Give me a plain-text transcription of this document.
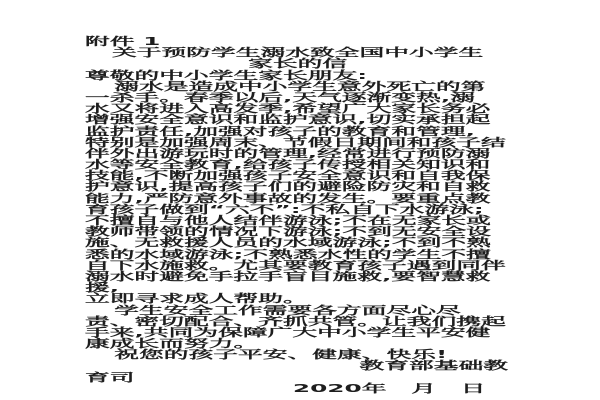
附件 1
关于预防学生溺水致全国中小学生
家长的信
尊敬的中小学生家长朋友:
溺水是造成中小学生意外死亡的第
一杀手。春季以后,天气逐渐变热,溺
水又将进入高发季,希望广大家长务必
增强安全意识和监护意识,切实承担起
监护责任,加强对孩子的教育和管理,
特别是加强周末、节假日期间和孩子结
伴外出游玩时的管理,经常进行预防溺
水等安全教育,给孩子传授相关知识和
技能,不断加强孩子安全意识和自我保
护意识,提高孩子们的避险防灾和自救
能力,严防意外事故的发生。要重点教
育孩子做到“六不”:不私自下水游泳;
不擅自与他人结伴游泳;不在无家长或
教师带领的情况下游泳;不到无安全设
施、无救援人员的水域游泳;不到不熟
悉的水域游泳;不熟悉水性的学生不擅
自下水施救。尤其要教育孩子遇到同伴
溺水时避免手拉手盲目施救,要智慧救
援,
立即寻求成人帮助。
学生安全工作需要各方面尽心尽
责、密切配合、齐抓共管。让我们携起
手来,共同为保障广大中小学生平安健
康成长而努力。
祝您的孩子平安、健康、快乐!
教育部基础教
育司
2020年　月　日
